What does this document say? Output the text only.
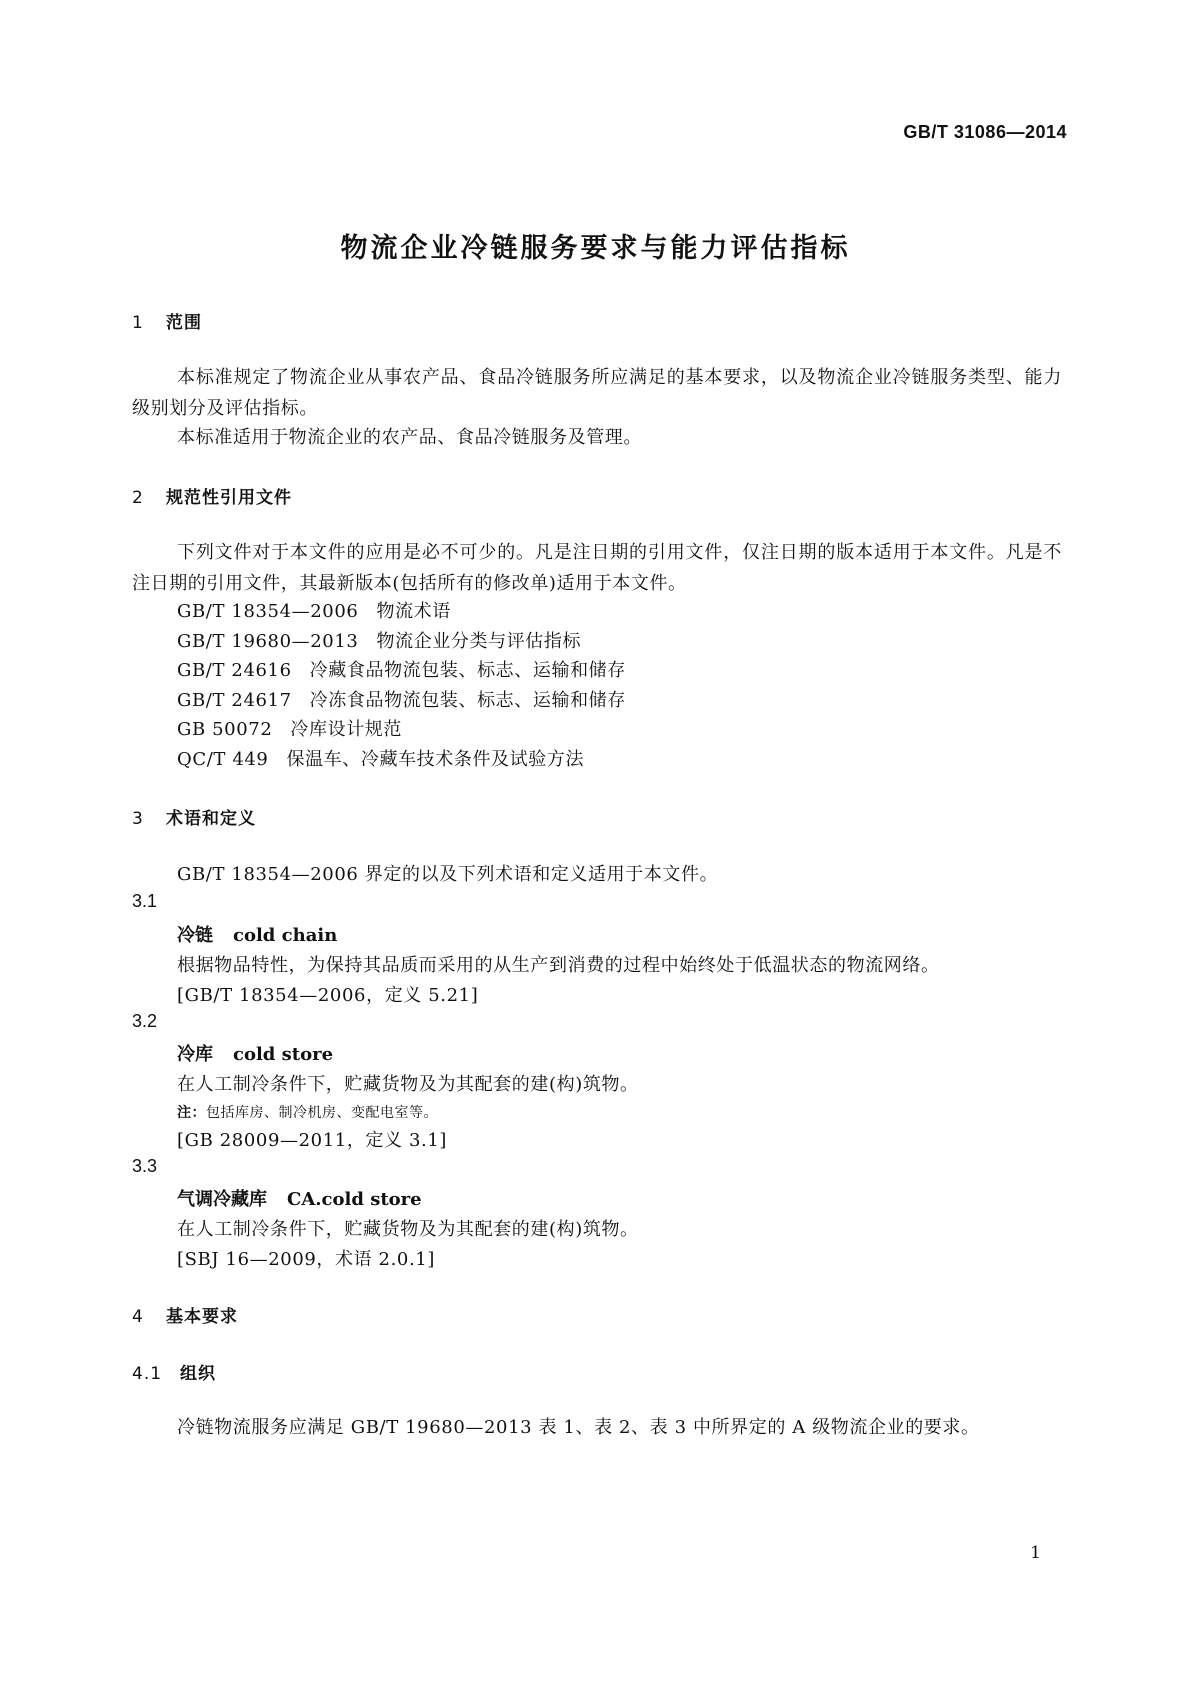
GB/T 31086—2014
物流企业冷链服务要求与能力评估指标
1 范围
本标准规定了物流企业从事农产品、食品冷链服务所应满足的基本要求，以及物流企业冷链服务类型、能力级别划分及评估指标。
本标准适用于物流企业的农产品、食品冷链服务及管理。
2 规范性引用文件
下列文件对于本文件的应用是必不可少的。凡是注日期的引用文件，仅注日期的版本适用于本文件。凡是不注日期的引用文件，其最新版本(包括所有的修改单)适用于本文件。
GB/T 18354—2006 物流术语
GB/T 19680—2013 物流企业分类与评估指标
GB/T 24616 冷藏食品物流包装、标志、运输和储存
GB/T 24617 冷冻食品物流包装、标志、运输和储存
GB 50072 冷库设计规范
QC/T 449 保温车、冷藏车技术条件及试验方法
3 术语和定义
GB/T 18354—2006 界定的以及下列术语和定义适用于本文件。
3.1
冷链 cold chain
根据物品特性，为保持其品质而采用的从生产到消费的过程中始终处于低温状态的物流网络。
[GB/T 18354—2006，定义 5.21]
3.2
冷库 cold store
在人工制冷条件下，贮藏货物及为其配套的建(构)筑物。
注：包括库房、制冷机房、变配电室等。
[GB 28009—2011，定义 3.1]
3.3
气调冷藏库 CA.cold store
在人工制冷条件下，贮藏货物及为其配套的建(构)筑物。
[SBJ 16—2009，术语 2.0.1]
4 基本要求
4.1 组织
冷链物流服务应满足 GB/T 19680—2013 表 1、表 2、表 3 中所界定的 A 级物流企业的要求。
1
